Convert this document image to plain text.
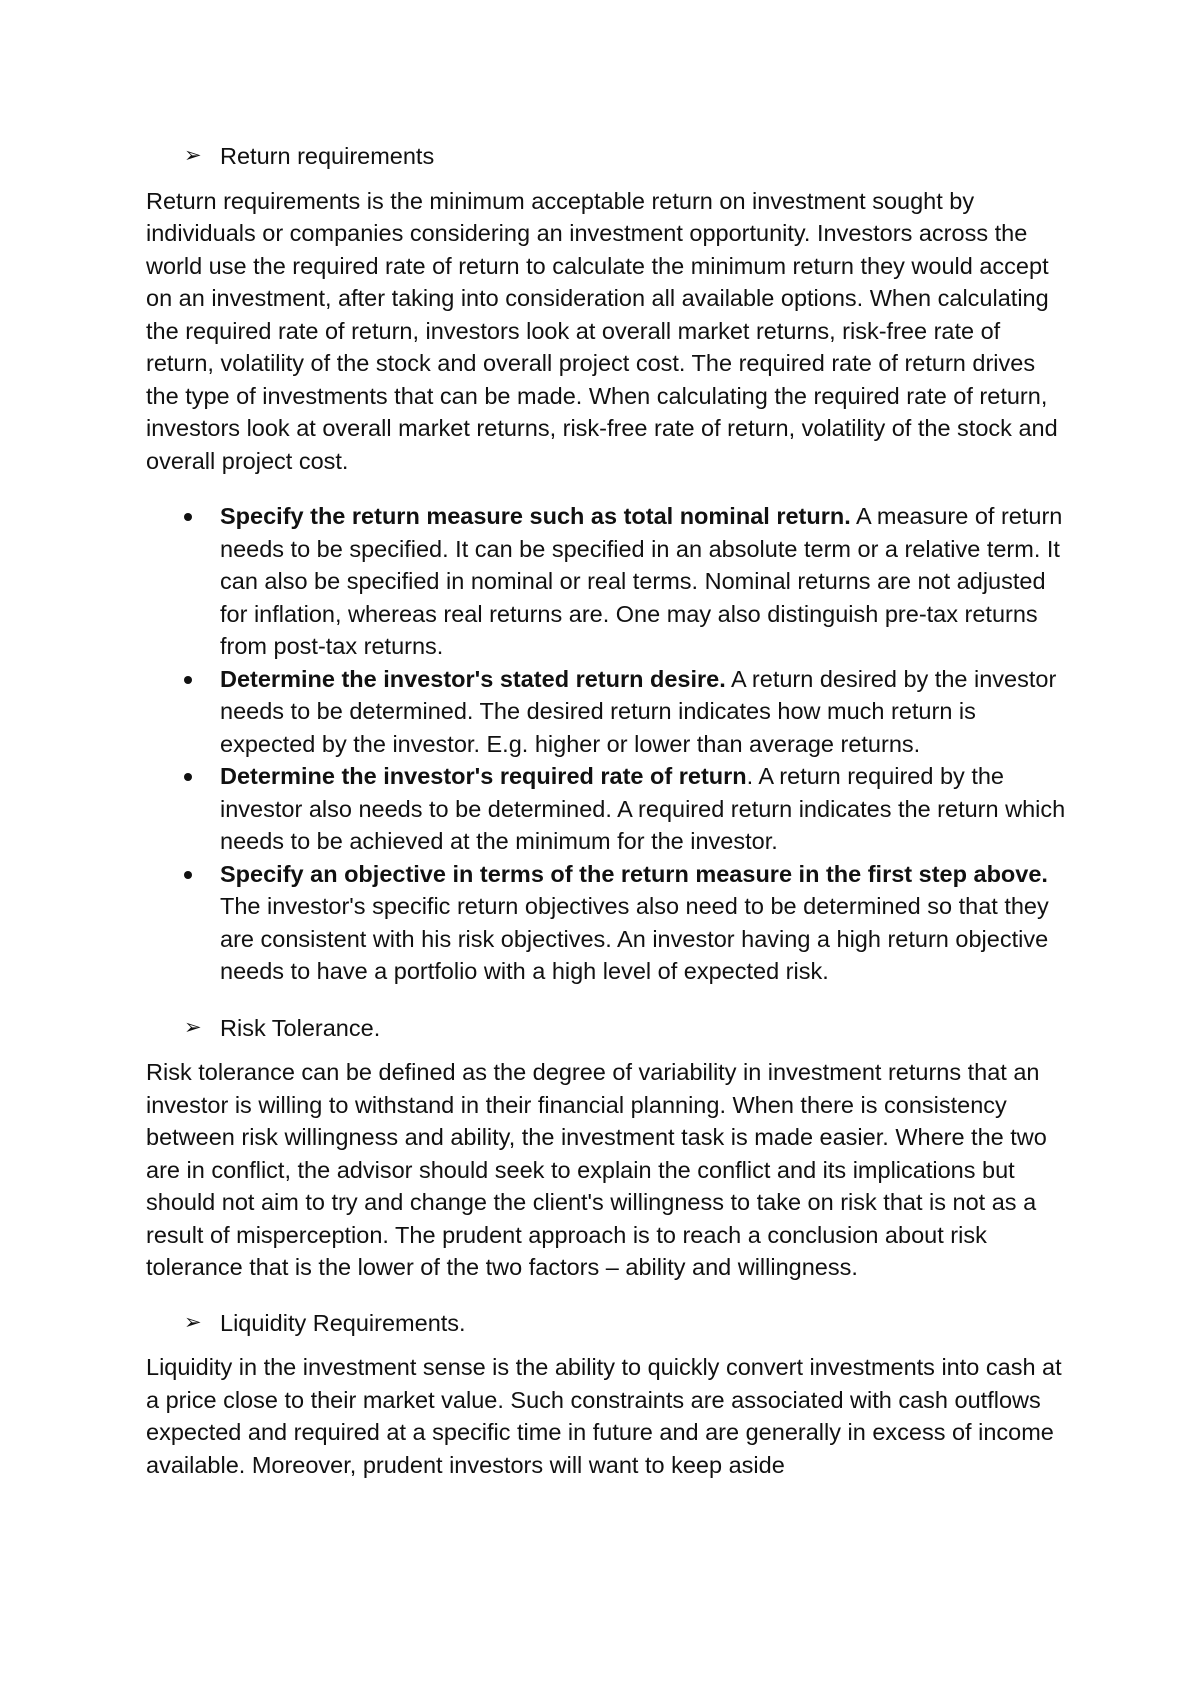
➢ Return requirements

Return requirements is the minimum acceptable return on investment sought by individuals or companies considering an investment opportunity. Investors across the world use the required rate of return to calculate the minimum return they would accept on an investment, after taking into consideration all available options. When calculating the required rate of return, investors look at overall market returns, risk-free rate of return, volatility of the stock and overall project cost. The required rate of return drives the type of investments that can be made. When calculating the required rate of return, investors look at overall market returns, risk-free rate of return, volatility of the stock and overall project cost.

Specify the return measure such as total nominal return. A measure of return needs to be specified. It can be specified in an absolute term or a relative term. It can also be specified in nominal or real terms. Nominal returns are not adjusted for inflation, whereas real returns are. One may also distinguish pre-tax returns from post-tax returns.
Determine the investor's stated return desire. A return desired by the investor needs to be determined. The desired return indicates how much return is expected by the investor. E.g. higher or lower than average returns.
Determine the investor's required rate of return. A return required by the investor also needs to be determined. A required return indicates the return which needs to be achieved at the minimum for the investor.
Specify an objective in terms of the return measure in the first step above. The investor's specific return objectives also need to be determined so that they are consistent with his risk objectives. An investor having a high return objective needs to have a portfolio with a high level of expected risk.
➢ Risk Tolerance.

Risk tolerance can be defined as the degree of variability in investment returns that an investor is willing to withstand in their financial planning. When there is consistency between risk willingness and ability, the investment task is made easier. Where the two are in conflict, the advisor should seek to explain the conflict and its implications but should not aim to try and change the client's willingness to take on risk that is not as a result of misperception. The prudent approach is to reach a conclusion about risk tolerance that is the lower of the two factors – ability and willingness.

➢ Liquidity Requirements.

Liquidity in the investment sense is the ability to quickly convert investments into cash at a price close to their market value. Such constraints are associated with cash outflows expected and required at a specific time in future and are generally in excess of income available. Moreover, prudent investors will want to keep aside
